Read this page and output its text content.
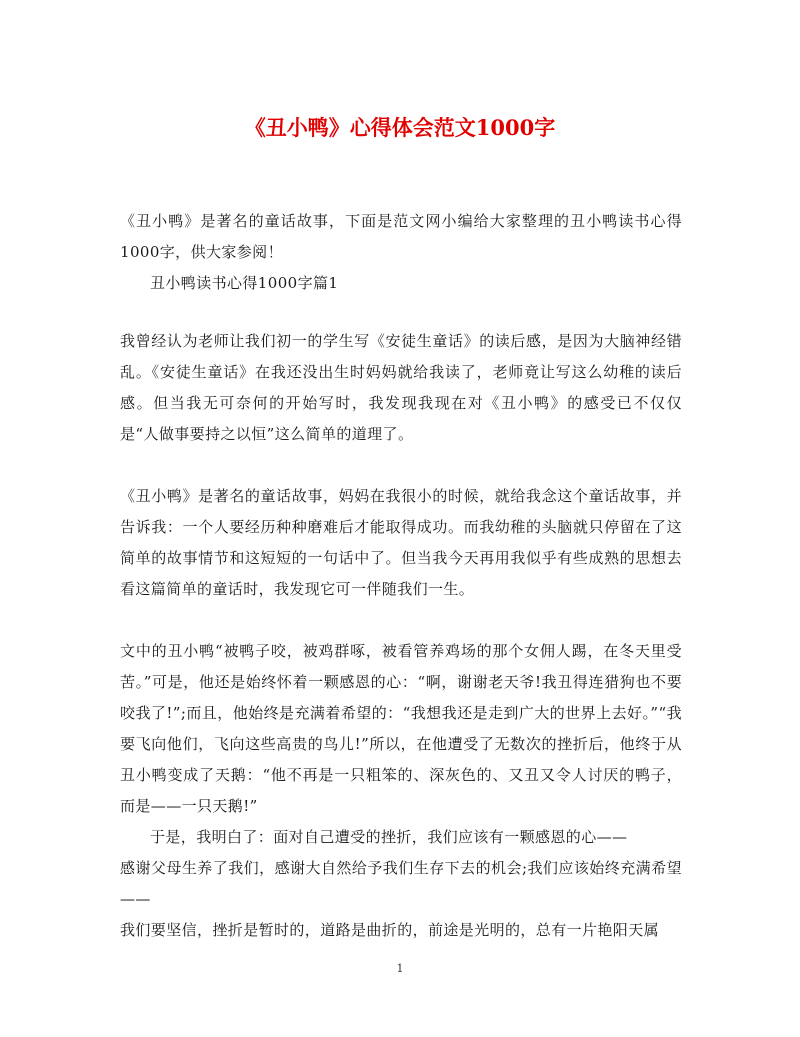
《丑小鸭》心得体会范文1000字

《丑小鸭》是著名的童话故事，下面是范文网小编给大家整理的丑小鸭读书心得1000字，供大家参阅！

丑小鸭读书心得1000字篇1

我曾经认为老师让我们初一的学生写《安徒生童话》的读后感，是因为大脑神经错乱。《安徒生童话》在我还没出生时妈妈就给我读了，老师竟让写这么幼稚的读后感。但当我无可奈何的开始写时，我发现我现在对《丑小鸭》的感受已不仅仅是“人做事要持之以恒”这么简单的道理了。

《丑小鸭》是著名的童话故事，妈妈在我很小的时候，就给我念这个童话故事，并告诉我：一个人要经历种种磨难后才能取得成功。而我幼稚的头脑就只停留在了这简单的故事情节和这短短的一句话中了。但当我今天再用我似乎有些成熟的思想去看这篇简单的童话时，我发现它可一伴随我们一生。

文中的丑小鸭“被鸭子咬，被鸡群啄，被看管养鸡场的那个女佣人踢，在冬天里受苦。”可是，他还是始终怀着一颗感恩的心：“啊，谢谢老天爷!我丑得连猎狗也不要咬我了!”;而且，他始终是充满着希望的：“我想我还是走到广大的世界上去好。”“我要飞向他们，飞向这些高贵的鸟儿!”所以，在他遭受了无数次的挫折后，他终于从丑小鸭变成了天鹅：“他不再是一只粗笨的、深灰色的、又丑又令人讨厌的鸭子，而是——一只天鹅!”

于是，我明白了：面对自己遭受的挫折，我们应该有一颗感恩的心——

感谢父母生养了我们，感谢大自然给予我们生存下去的机会;我们应该始终充满希望——

我们要坚信，挫折是暂时的，道路是曲折的，前途是光明的，总有一片艳阳天属

1
